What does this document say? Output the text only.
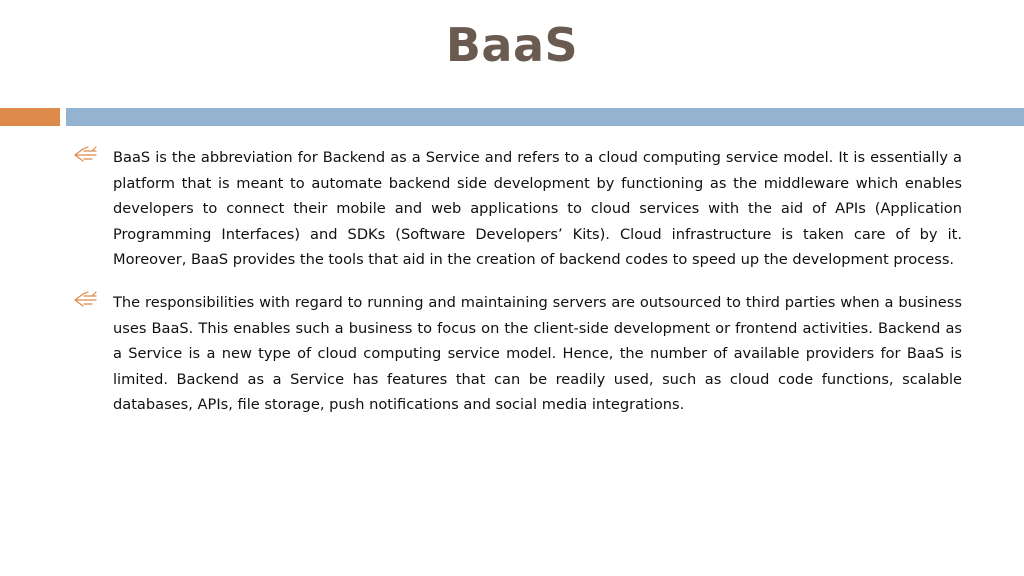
BaaS
BaaS is the abbreviation for Backend as a Service and refers to a cloud computing service model. It is essentially a platform that is meant to automate backend side development by functioning as the middleware which enables developers to connect their mobile and web applications to cloud services with the aid of APIs (Application Programming Interfaces) and SDKs (Software Developers’ Kits). Cloud infrastructure is taken care of by it. Moreover, BaaS provides the tools that aid in the creation of backend codes to speed up the development process.
The responsibilities with regard to running and maintaining servers are outsourced to third parties when a business uses BaaS. This enables such a business to focus on the client-side development or frontend activities. Backend as a Service is a new type of cloud computing service model. Hence, the number of available providers for BaaS is limited. Backend as a Service has features that can be readily used, such as cloud code functions, scalable databases, APIs, file storage, push notifications and social media integrations.
